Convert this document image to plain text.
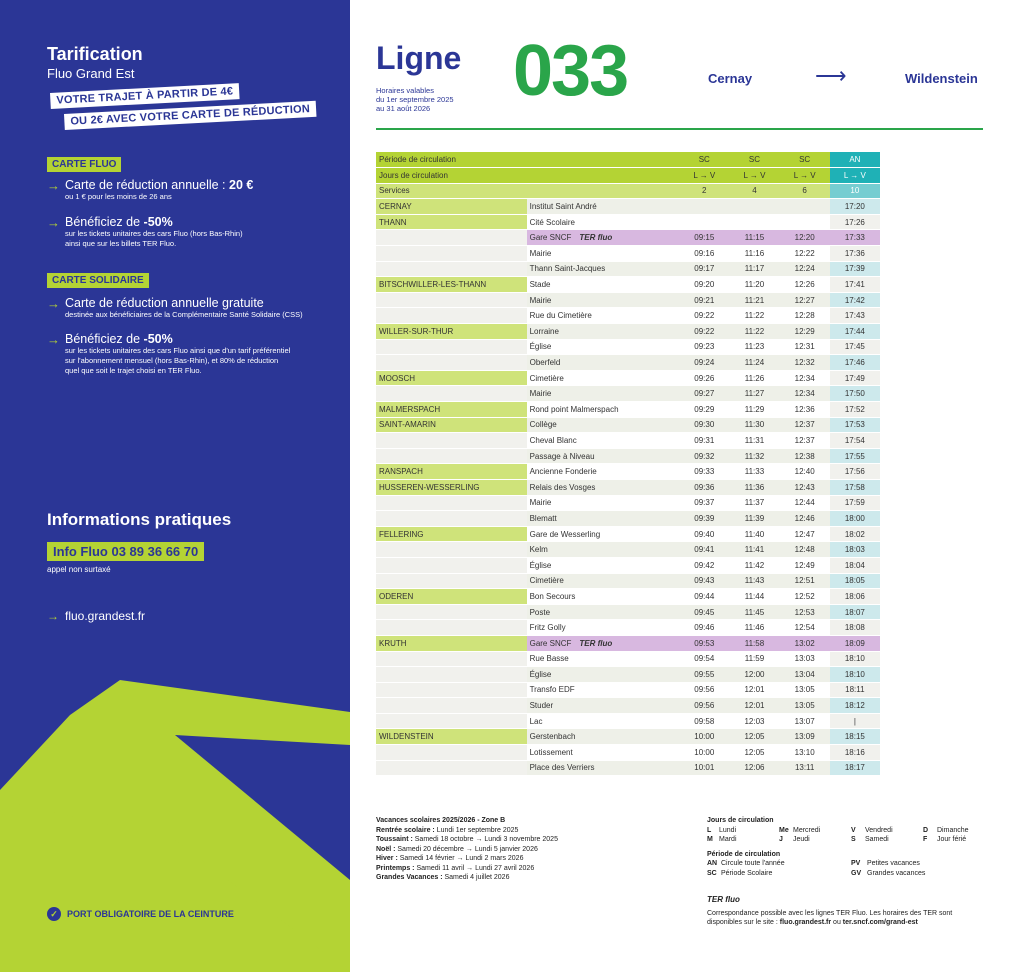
Tarification
Fluo Grand Est
VOTRE TRAJET À PARTIR DE 4€
OU 2€ AVEC VOTRE CARTE DE RÉDUCTION
CARTE FLUO
→ Carte de réduction annuelle : 20 €
ou 1 € pour les moins de 26 ans
→ Bénéficiez de -50%
sur les tickets unitaires des cars Fluo (hors Bas-Rhin)
ainsi que sur les billets TER Fluo.
CARTE SOLIDAIRE
→ Carte de réduction annuelle gratuite
destinée aux bénéficiaires de la Complémentaire Santé Solidaire (CSS)
→ Bénéficiez de -50%
sur les tickets unitaires des cars Fluo ainsi que d'un tarif préférentiel
sur l'abonnement mensuel (hors Bas-Rhin), et 80% de réduction
quel que soit le trajet choisi en TER Fluo.
Informations pratiques
Info Fluo 03 89 36 66 70
appel non surtaxé
→ fluo.grandest.fr
✓	PORT OBLIGATOIRE DE LA CEINTURE
Ligne
Horaires valables
du 1er septembre 2025
au 31 août 2026	033	Cernay	⟶	Wildenstein
Période de circulation		SC	SC	SC	AN
Jours de circulation		L → V	L → V	L → V	L → V
Services		2	4	6	10
CERNAY	Institut Saint André				17:20
THANN	Cité Scolaire				17:26
	Gare SNCF TER fluo	09:15	11:15	12:20	17:33
	Mairie	09:16	11:16	12:22	17:36
	Thann Saint-Jacques	09:17	11:17	12:24	17:39
BITSCHWILLER-LES-THANN	Stade	09:20	11:20	12:26	17:41
	Mairie	09:21	11:21	12:27	17:42
	Rue du Cimetière	09:22	11:22	12:28	17:43
WILLER-SUR-THUR	Lorraine	09:22	11:22	12:29	17:44
	Église	09:23	11:23	12:31	17:45
	Oberfeld	09:24	11:24	12:32	17:46
MOOSCH	Cimetière	09:26	11:26	12:34	17:49
	Mairie	09:27	11:27	12:34	17:50
MALMERSPACH	Rond point Malmerspach	09:29	11:29	12:36	17:52
SAINT-AMARIN	Collège	09:30	11:30	12:37	17:53
	Cheval Blanc	09:31	11:31	12:37	17:54
	Passage à Niveau	09:32	11:32	12:38	17:55
RANSPACH	Ancienne Fonderie	09:33	11:33	12:40	17:56
HUSSEREN-WESSERLING	Relais des Vosges	09:36	11:36	12:43	17:58
	Mairie	09:37	11:37	12:44	17:59
	Blematt	09:39	11:39	12:46	18:00
FELLERING	Gare de Wesserling	09:40	11:40	12:47	18:02
	Kelm	09:41	11:41	12:48	18:03
	Église	09:42	11:42	12:49	18:04
	Cimetière	09:43	11:43	12:51	18:05
ODEREN	Bon Secours	09:44	11:44	12:52	18:06
	Poste	09:45	11:45	12:53	18:07
	Fritz Golly	09:46	11:46	12:54	18:08
KRUTH	Gare SNCF TER fluo	09:53	11:58	13:02	18:09
	Rue Basse	09:54	11:59	13:03	18:10
	Église	09:55	12:00	13:04	18:10
	Transfo EDF	09:56	12:01	13:05	18:11
	Studer	09:56	12:01	13:05	18:12
	Lac	09:58	12:03	13:07	|
WILDENSTEIN	Gerstenbach	10:00	12:05	13:09	18:15
	Lotissement	10:00	12:05	13:10	18:16
	Place des Verriers	10:01	12:06	13:11	18:17
Vacances scolaires 2025/2026 - Zone B
Rentrée scolaire : Lundi 1er septembre 2025
Toussaint : Samedi 18 octobre → Lundi 3 novembre 2025
Noël : Samedi 20 décembre → Lundi 5 janvier 2026
Hiver : Samedi 14 février → Lundi 2 mars 2026
Printemps : Samedi 11 avril → Lundi 27 avril 2026
Grandes Vacances : Samedi 4 juillet 2026
Jours de circulation
L	Lundi	Me Mercredi	V	Vendredi	D	Dimanche
M Mardi	J	Jeudi	S	Samedi	F	Jour férié
Période de circulation
AN Circule toute l'année	PV Petites vacances
SC Période Scolaire	GV Grandes vacances
TER fluo
Correspondance possible avec les lignes TER Fluo. Les horaires des TER sont
disponibles sur le site : fluo.grandest.fr ou ter.sncf.com/grand-est
